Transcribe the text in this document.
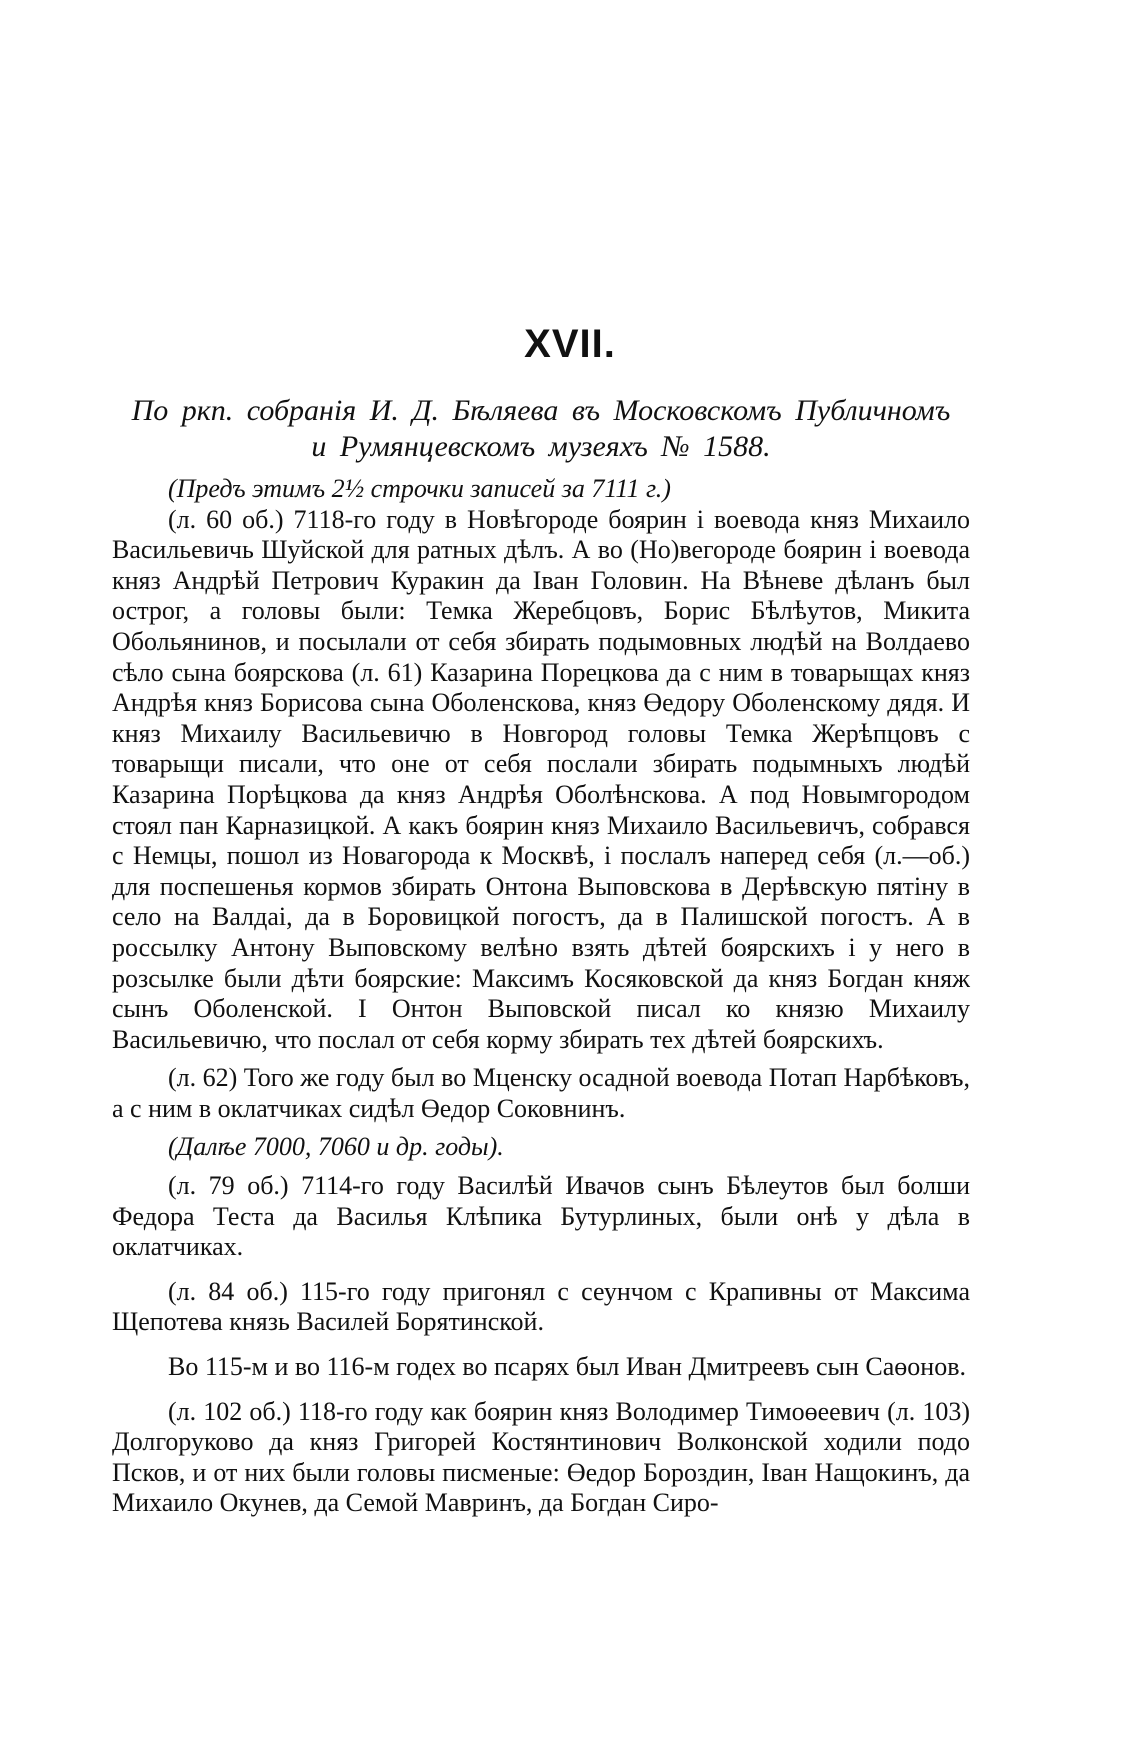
XVII.
По ркп. собранія И. Д. Бѣляева въ Московскомъ Публичномъ
и Румянцевскомъ музеяхъ № 1588.

(Предъ этимъ 2½ строчки записей за 7111 г.)

(л. 60 об.) 7118-го году в Новѣгороде боярин і воевода княз Михаило Васильевичь Шуйской для ратных дѣлъ. А во (Но)вегороде боярин і воевода княз Андрѣй Петрович Куракин да Іван Головин. На Вѣневе дѣланъ был острог, а головы были: Темка Жеребцовъ, Борис Бѣлѣутов, Микита Обольянинов, и посылали от себя збирать подымовных людѣй на Волдаево сѣло сына боярскова (л. 61) Казарина Порецкова да с ним в товарыщах княз Андрѣя княз Борисова сына Оболенскова, княз Өедору Оболенскому дядя. И княз Михаилу Васильевичю в Новгород головы Темка Жерѣпцовъ с товарыщи писали, что оне от себя послали збирать подымныхъ людѣй Казарина Порѣцкова да княз Андрѣя Оболѣнскова. А под Новымгородом стоял пан Карназицкой. А какъ боярин княз Михаило Васильевичъ, собрався с Немцы, пошол из Новагорода к Москвѣ, і послалъ наперед себя (л.—об.) для поспешенья кормов збирать Онтона Выповскова в Дерѣвскую пятіну в село на Валдаі, да в Боровицкой погостъ, да в Палишской погостъ. А в россылку Антону Выповскому велѣно взять дѣтей боярскихъ і у него в розсылке были дѣти боярские: Максимъ Косяковской да княз Богдан княж сынъ Оболенской. І Онтон Выповской писал ко князю Михаилу Васильевичю, что послал от себя корму збирать тех дѣтей боярскихъ.

(л. 62) Того же году был во Мценску осадной воевода Потап Нарбѣковъ, а с ним в оклатчиках сидѣл Өедор Соковнинъ.

(Далѣе 7000, 7060 и др. годы).

(л. 79 об.) 7114-го году Василѣй Ивачов сынъ Бѣлеутов был болши Федора Теста да Василья Клѣпика Бутурлиных, были онѣ у дѣла в оклатчиках.

(л. 84 об.) 115-го году пригонял с сеунчом с Крапивны от Максима Щепотева князь Василей Борятинской.

Во 115-м и во 116-м годех во псарях был Иван Дмитреевъ сын Саөонов.

(л. 102 об.) 118-го году как боярин княз Володимер Тимоөеевич (л. 103) Долгоруково да княз Григорей Костянтинович Волконской ходили подо Псков, и от них были головы писменые: Өедор Бороздин, Іван Нащокинъ, да Михаило Окунев, да Семой Мавринъ, да Богдан Сиро-
